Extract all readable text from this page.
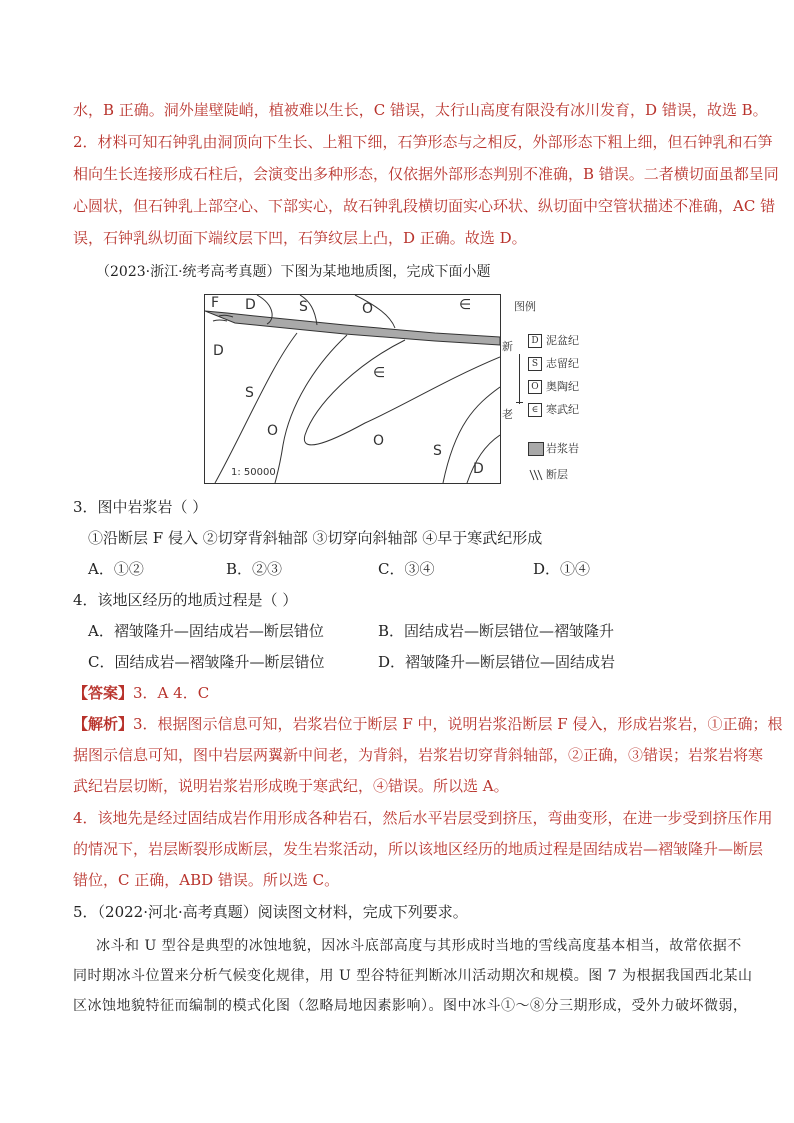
水，B 正确。洞外崖壁陡峭，植被难以生长，C 错误，太行山高度有限没有冰川发育，D 错误，故选 B。
2．材料可知石钟乳由洞顶向下生长、上粗下细，石笋形态与之相反，外部形态下粗上细，但石钟乳和石笋
相向生长连接形成石柱后，会演变出多种形态，仅依据外部形态判别不准确，B 错误。二者横切面虽都呈同
心圆状，但石钟乳上部空心、下部实心，故石钟乳段横切面实心环状、纵切面中空管状描述不准确，AC 错
误，石钟乳纵切面下端纹层下凹，石笋纹层上凸，D 正确。故选 D。
（2023·浙江·统考高考真题）下图为某地地质图，完成下面小题
F D	S	O	∈
D
∈
S
O
O
S
D
1: 50000
图例
新
老
D 泥盆纪
S 志留纪
O 奥陶纪
∈ 寒武纪
岩浆岩
断层
3．图中岩浆岩（ ）
①沿断层 F 侵入 ②切穿背斜轴部 ③切穿向斜轴部 ④早于寒武纪形成
A．①②	B．②③	C．③④	D．①④
4．该地区经历的地质过程是（ ）
A．褶皱隆升—固结成岩—断层错位	B．固结成岩—断层错位—褶皱隆升
C．固结成岩—褶皱隆升—断层错位	D．褶皱隆升—断层错位—固结成岩
【答案】3．A 4．C
【解析】3．根据图示信息可知，岩浆岩位于断层 F 中，说明岩浆沿断层 F 侵入，形成岩浆岩，①正确；根
据图示信息可知，图中岩层两翼新中间老，为背斜，岩浆岩切穿背斜轴部，②正确，③错误；岩浆岩将寒
武纪岩层切断，说明岩浆岩形成晚于寒武纪，④错误。所以选 A。
4．该地先是经过固结成岩作用形成各种岩石，然后水平岩层受到挤压，弯曲变形，在进一步受到挤压作用
的情况下，岩层断裂形成断层，发生岩浆活动，所以该地区经历的地质过程是固结成岩—褶皱隆升—断层
错位，C 正确，ABD 错误。所以选 C。
5．（2022·河北·高考真题）阅读图文材料，完成下列要求。
冰斗和 U 型谷是典型的冰蚀地貌，因冰斗底部高度与其形成时当地的雪线高度基本相当，故常依据不
同时期冰斗位置来分析气候变化规律，用 U 型谷特征判断冰川活动期次和规模。图 7 为根据我国西北某山
区冰蚀地貌特征而编制的模式化图（忽略局地因素影响）。图中冰斗①～⑧分三期形成，受外力破坏微弱，
